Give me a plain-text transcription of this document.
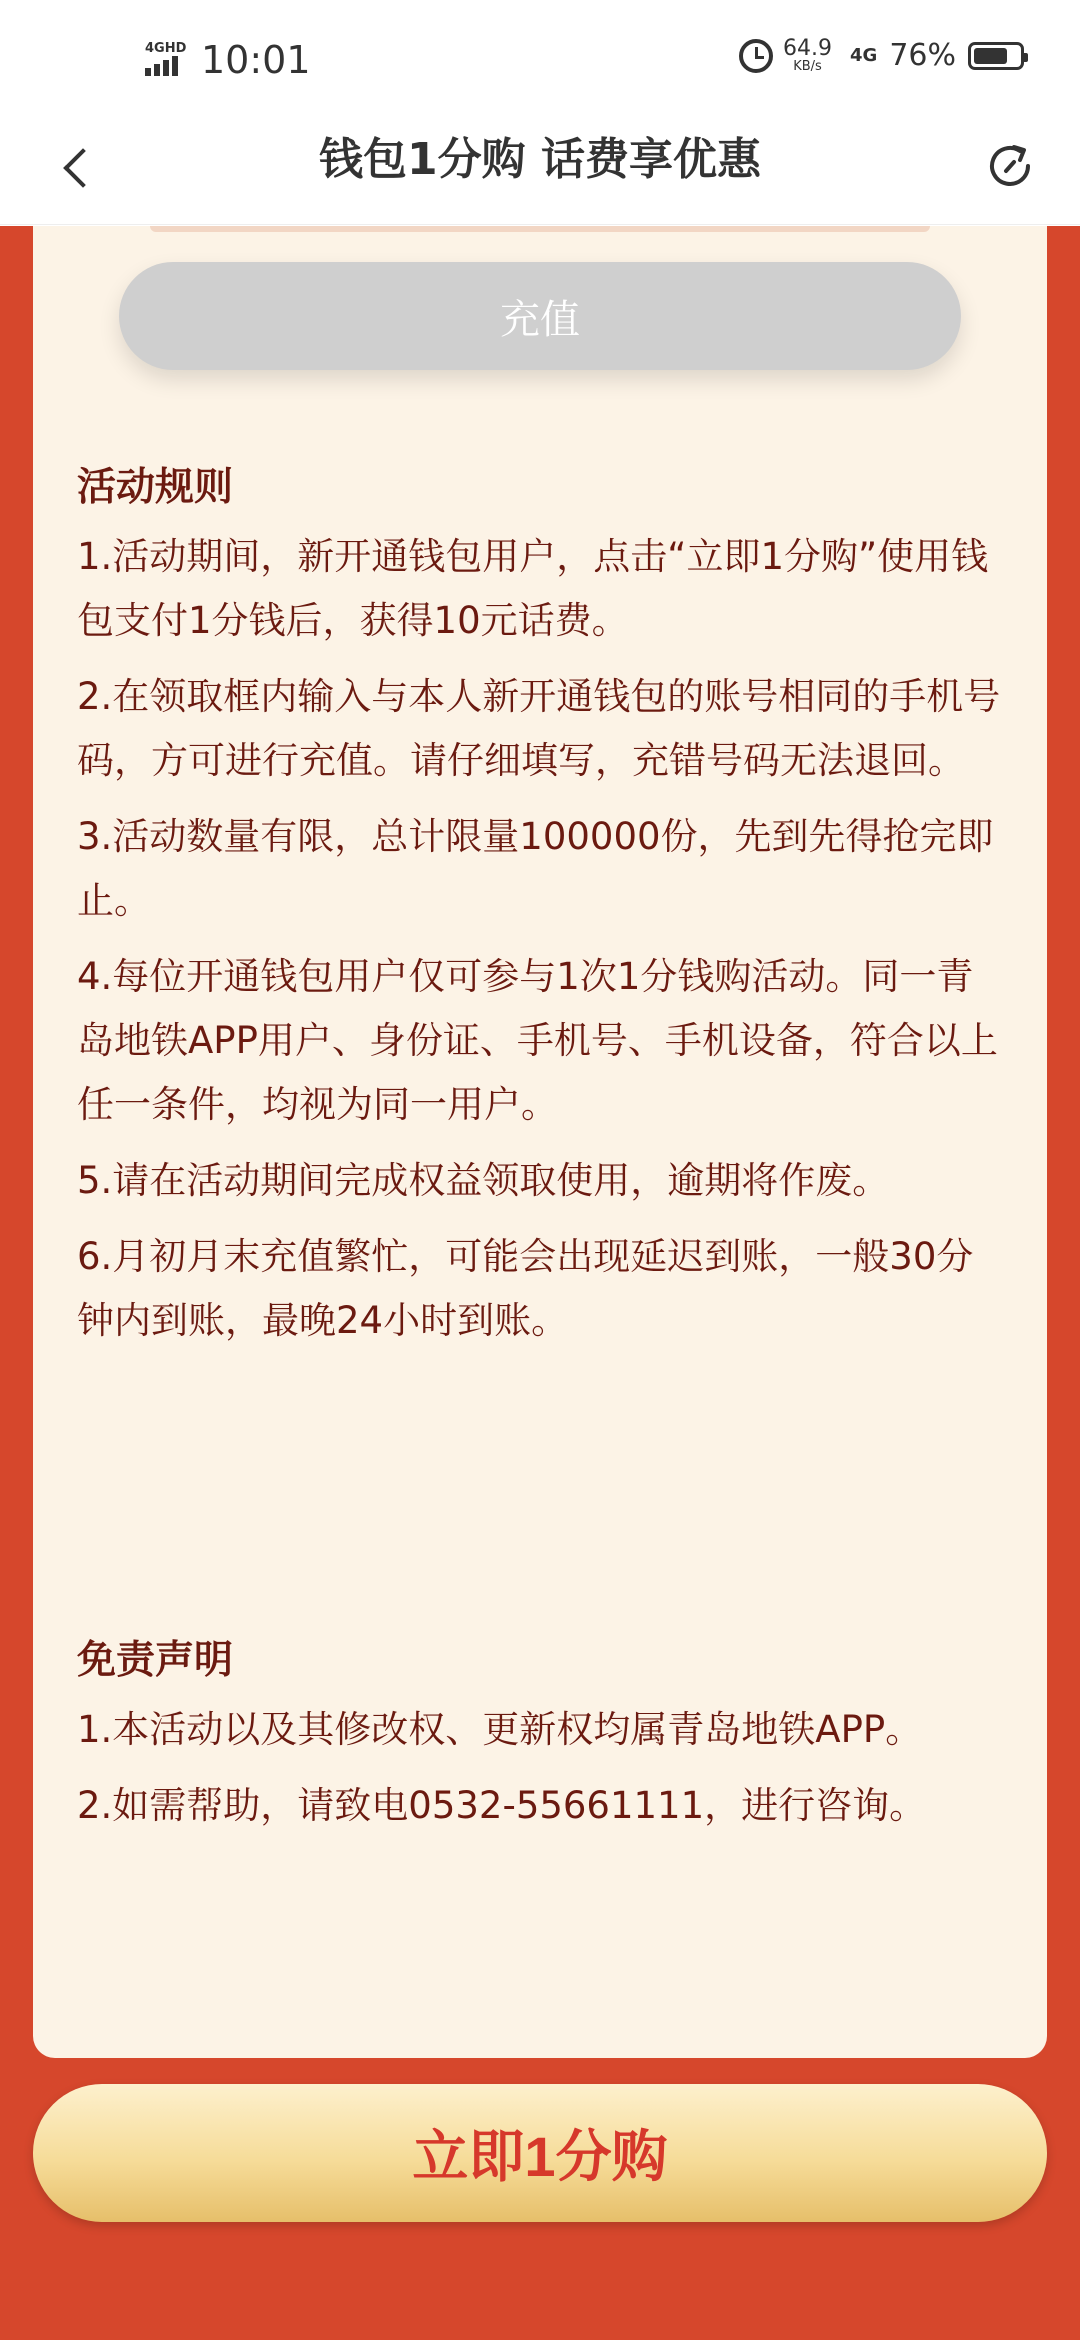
4GHD 10:01	64.9
KB/s
4G 76%
钱包1分购 话费享优惠
充值
活动规则
1.活动期间，新开通钱包用户，点击“立即1分购”使用钱包支付1分钱后，获得10元话费。
2.在领取框内输入与本人新开通钱包的账号相同的手机号码，方可进行充值。请仔细填写，充错号码无法退回。
3.活动数量有限，总计限量100000份，先到先得抢完即止。
4.每位开通钱包用户仅可参与1次1分钱购活动。同一青岛地铁APP用户、身份证、手机号、手机设备，符合以上任一条件，均视为同一用户。
5.请在活动期间完成权益领取使用，逾期将作废。
6.月初月末充值繁忙，可能会出现延迟到账，一般30分钟内到账，最晚24小时到账。
免责声明
1.本活动以及其修改权、更新权均属青岛地铁APP。
2.如需帮助，请致电0532-55661111，进行咨询。
立即1分购
